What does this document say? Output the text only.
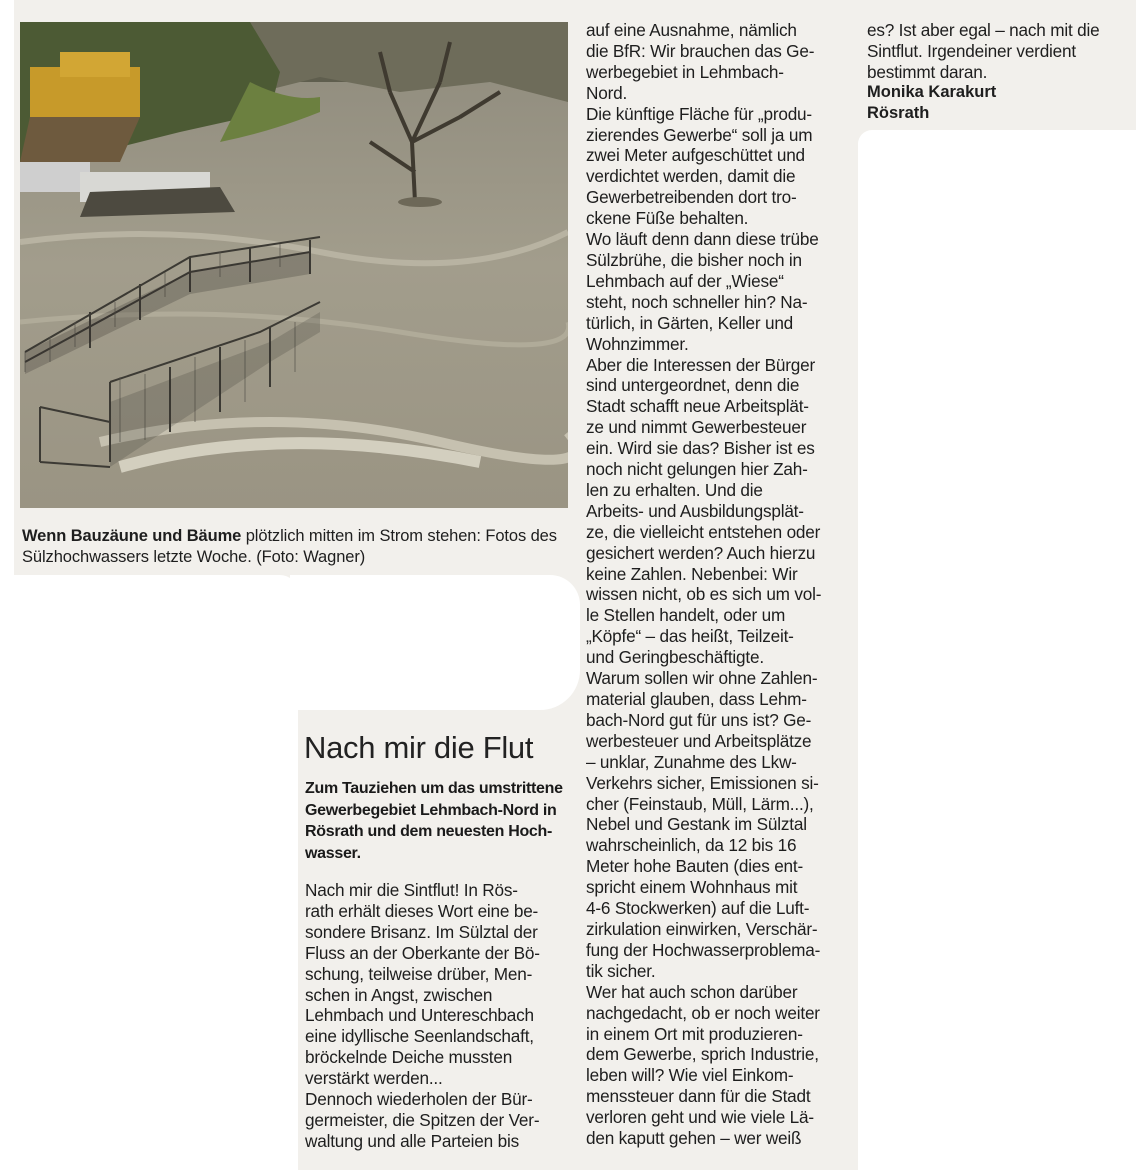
Wenn Bauzäune und Bäume plötzlich mitten im Strom stehen: Fotos des Sülzhochwassers letzte Woche. (Foto: Wagner)
auf eine Ausnahme, nämlich
die BfR: Wir brauchen das Ge-
werbegebiet in Lehmbach-
Nord.
Die künftige Fläche für „produ-
zierendes Gewerbe“ soll ja um
zwei Meter aufgeschüttet und
verdichtet werden, damit die
Gewerbetreibenden dort tro-
ckene Füße behalten.
Wo läuft denn dann diese trübe
Sülzbrühe, die bisher noch in
Lehmbach auf der „Wiese“
steht, noch schneller hin? Na-
türlich, in Gärten, Keller und
Wohnzimmer.
Aber die Interessen der Bürger
sind untergeordnet, denn die
Stadt schafft neue Arbeitsplät-
ze und nimmt Gewerbesteuer
ein. Wird sie das? Bisher ist es
noch nicht gelungen hier Zah-
len zu erhalten. Und die
Arbeits- und Ausbildungsplät-
ze, die vielleicht entstehen oder
gesichert werden? Auch hierzu
keine Zahlen. Nebenbei: Wir
wissen nicht, ob es sich um vol-
le Stellen handelt, oder um
„Köpfe“ – das heißt, Teilzeit-
und Geringbeschäftigte.
Warum sollen wir ohne Zahlen-
material glauben, dass Lehm-
bach-Nord gut für uns ist? Ge-
werbesteuer und Arbeitsplätze
– unklar, Zunahme des Lkw-
Verkehrs sicher, Emissionen si-
cher (Feinstaub, Müll, Lärm...),
Nebel und Gestank im Sülztal
wahrscheinlich, da 12 bis 16
Meter hohe Bauten (dies ent-
spricht einem Wohnhaus mit
4-6 Stockwerken) auf die Luft-
zirkulation einwirken, Verschär-
fung der Hochwasserproblema-
tik sicher.
Wer hat auch schon darüber
nachgedacht, ob er noch weiter
in einem Ort mit produzieren-
dem Gewerbe, sprich Industrie,
leben will? Wie viel Einkom-
menssteuer dann für die Stadt
verloren geht und wie viele Lä-
den kaputt gehen – wer weiß
es? Ist aber egal – nach mit die
Sintflut. Irgendeiner verdient
bestimmt daran.
Monika Karakurt
Rösrath
Nach mir die Flut
Zum Tauziehen um das umstrittene
Gewerbegebiet Lehmbach-Nord in
Rösrath und dem neuesten Hoch-
wasser.
Nach mir die Sintflut! In Rös-
rath erhält dieses Wort eine be-
sondere Brisanz. Im Sülztal der
Fluss an der Oberkante der Bö-
schung, teilweise drüber, Men-
schen in Angst, zwischen
Lehmbach und Untereschbach
eine idyllische Seenlandschaft,
bröckelnde Deiche mussten
verstärkt werden...
Dennoch wiederholen der Bür-
germeister, die Spitzen der Ver-
waltung und alle Parteien bis
